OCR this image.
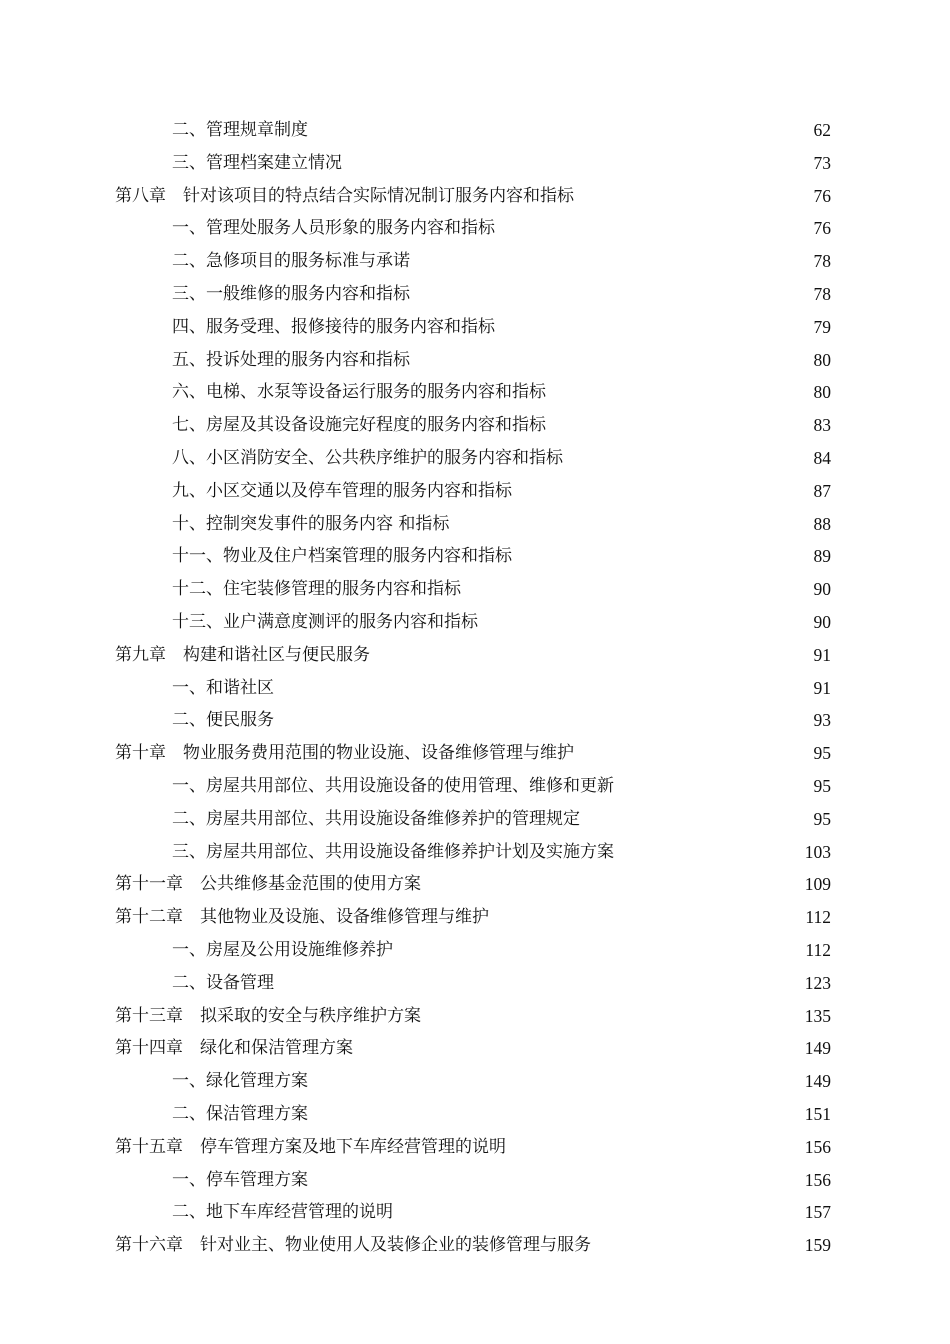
二、管理规章制度	62
三、管理档案建立情况	73
第八章　针对该项目的特点结合实际情况制订服务内容和指标	76
一、管理处服务人员形象的服务内容和指标	76
二、急修项目的服务标准与承诺	78
三、一般维修的服务内容和指标	78
四、服务受理、报修接待的服务内容和指标	79
五、投诉处理的服务内容和指标	80
六、电梯、水泵等设备运行服务的服务内容和指标	80
七、房屋及其设备设施完好程度的服务内容和指标	83
八、小区消防安全、公共秩序维护的服务内容和指标	84
九、小区交通以及停车管理的服务内容和指标	87
十、控制突发事件的服务内容 和指标	88
十一、物业及住户档案管理的服务内容和指标	89
十二、住宅装修管理的服务内容和指标	90
十三、业户满意度测评的服务内容和指标	90
第九章　构建和谐社区与便民服务	91
一、和谐社区	91
二、便民服务	93
第十章　物业服务费用范围的物业设施、设备维修管理与维护	95
一、房屋共用部位、共用设施设备的使用管理、维修和更新	95
二、房屋共用部位、共用设施设备维修养护的管理规定	95
三、房屋共用部位、共用设施设备维修养护计划及实施方案	103
第十一章　公共维修基金范围的使用方案	109
第十二章　其他物业及设施、设备维修管理与维护	112
一、房屋及公用设施维修养护	112
二、设备管理	123
第十三章　拟采取的安全与秩序维护方案	135
第十四章　绿化和保洁管理方案	149
一、绿化管理方案	149
二、保洁管理方案	151
第十五章　停车管理方案及地下车库经营管理的说明	156
一、停车管理方案	156
二、地下车库经营管理的说明	157
第十六章　针对业主、物业使用人及装修企业的装修管理与服务	159
